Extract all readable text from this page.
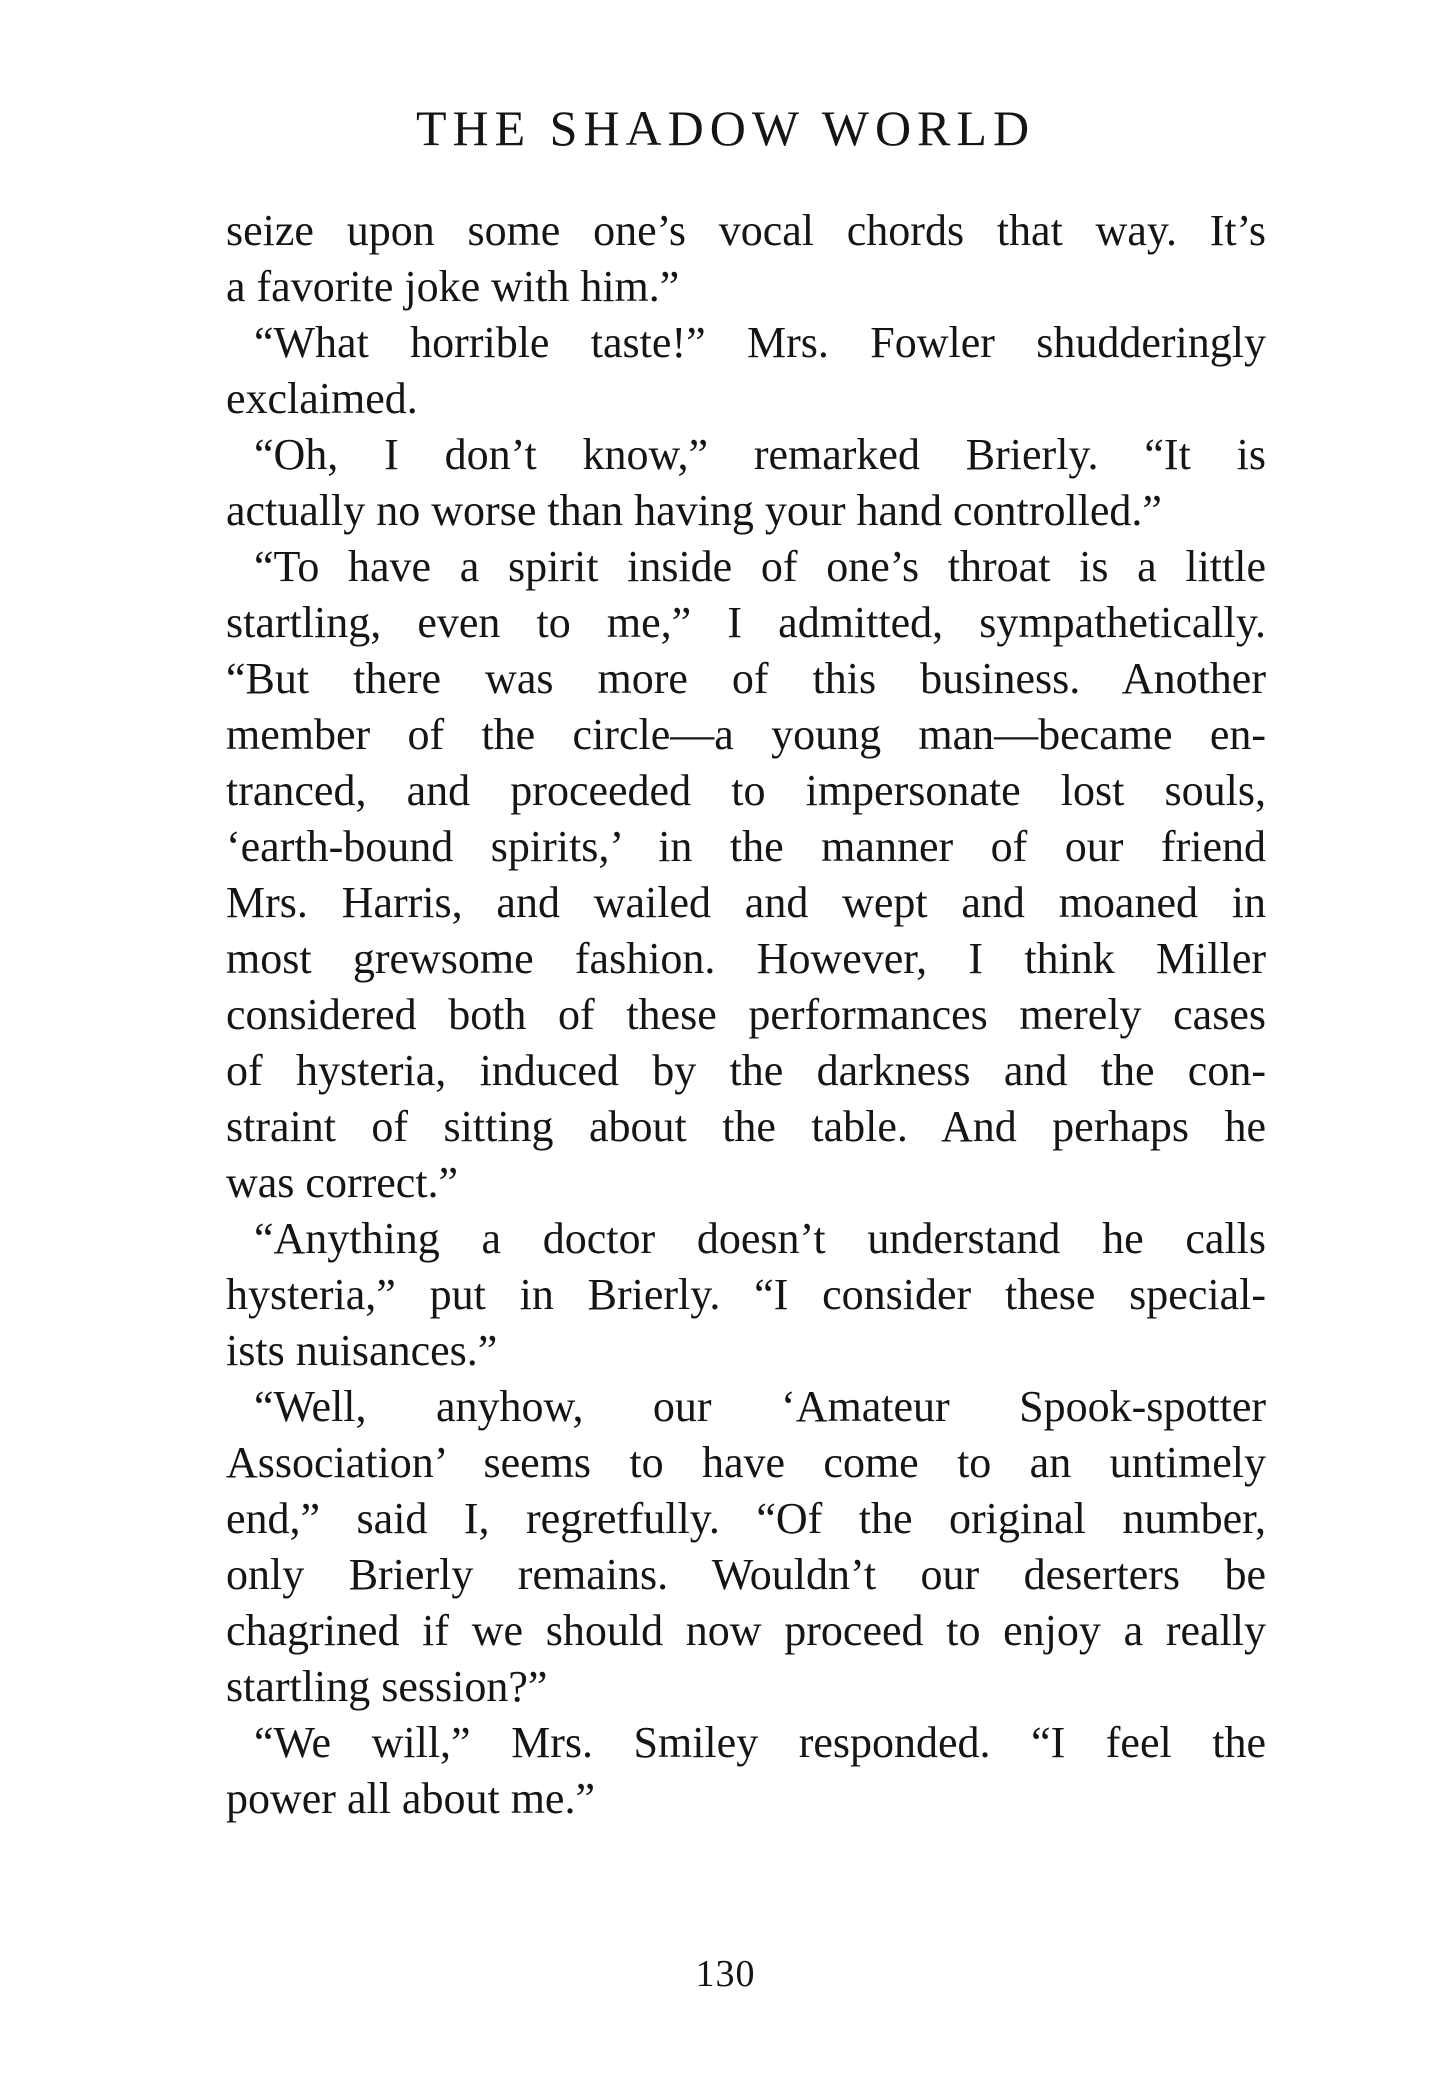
THE SHADOW WORLD
seize upon some one’s vocal chords that way. It’s
a favorite joke with him.”
“What horrible taste!” Mrs. Fowler shudderingly
exclaimed.
“Oh, I don’t know,” remarked Brierly. “It is
actually no worse than having your hand controlled.”
“To have a spirit inside of one’s throat is a little
startling, even to me,” I admitted, sympathetically.
“But there was more of this business. Another
member of the circle—a young man—became en-
tranced, and proceeded to impersonate lost souls,
‘earth-bound spirits,’ in the manner of our friend
Mrs. Harris, and wailed and wept and moaned in
most grewsome fashion. However, I think Miller
considered both of these performances merely cases
of hysteria, induced by the darkness and the con-
straint of sitting about the table. And perhaps he
was correct.”
“Anything a doctor doesn’t understand he calls
hysteria,” put in Brierly. “I consider these special-
ists nuisances.”
“Well, anyhow, our ‘Amateur Spook-spotter
Association’ seems to have come to an untimely
end,” said I, regretfully. “Of the original number,
only Brierly remains. Wouldn’t our deserters be
chagrined if we should now proceed to enjoy a really
startling session?”
“We will,” Mrs. Smiley responded. “I feel the
power all about me.”
130
